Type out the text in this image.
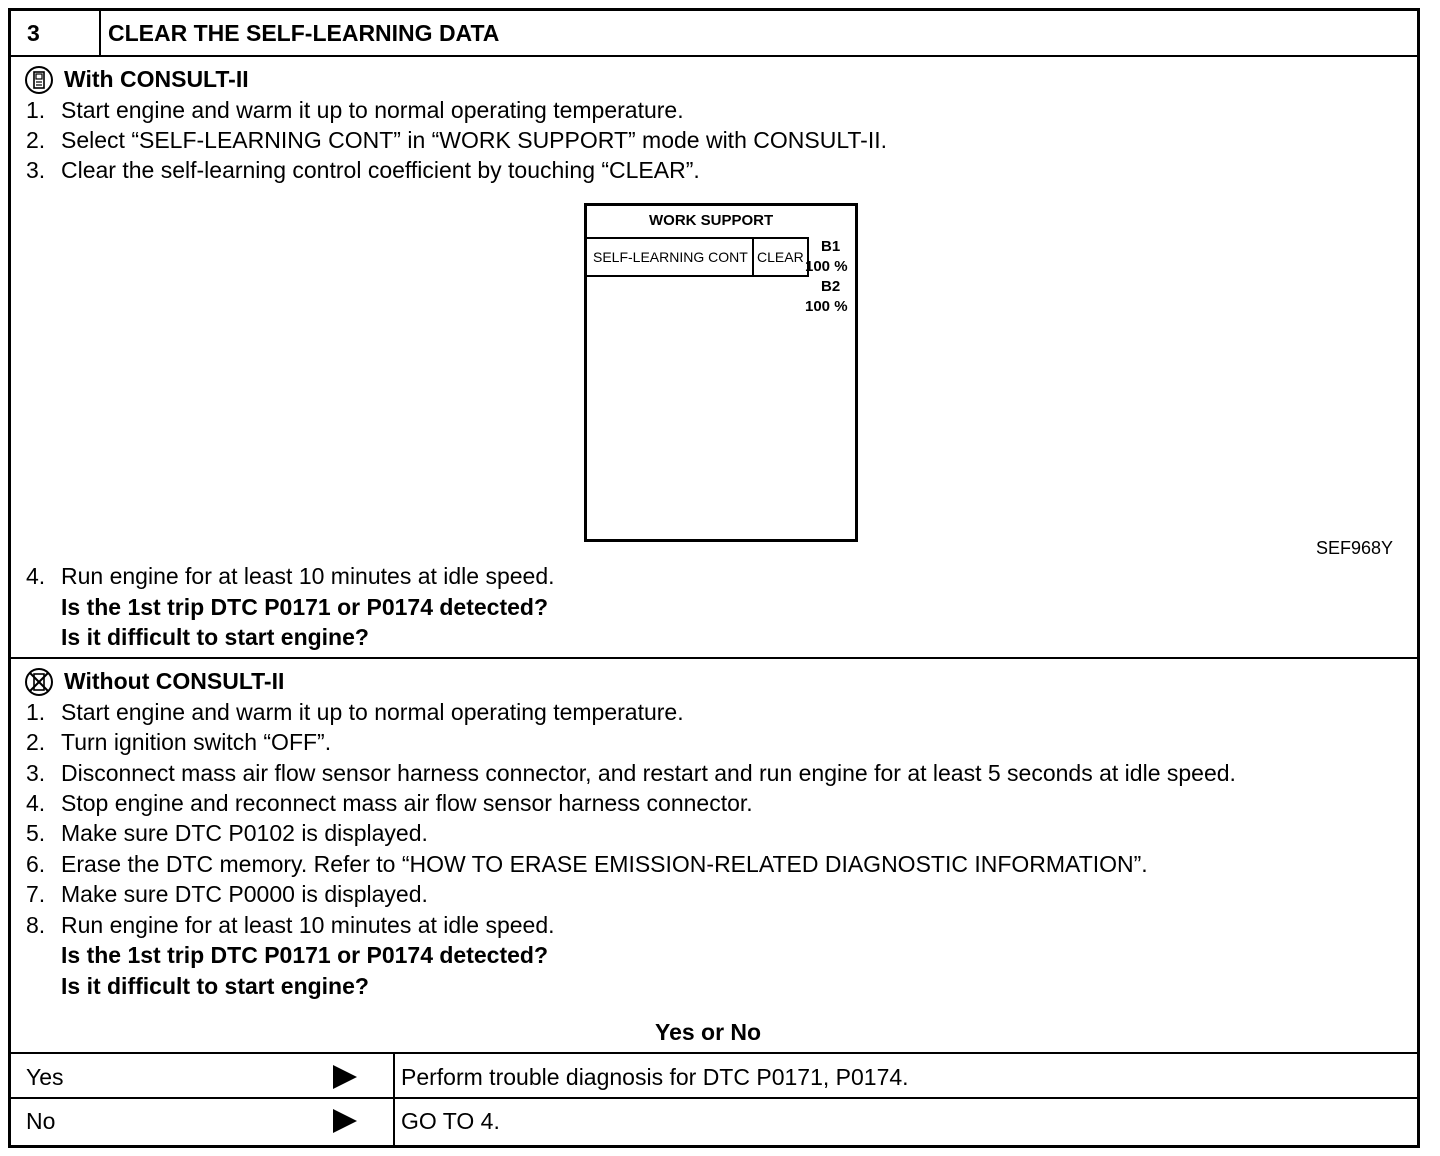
3	CLEAR THE SELF-LEARNING DATA
With CONSULT-II
1. Start engine and warm it up to normal operating temperature.
2. Select “SELF-LEARNING CONT” in “WORK SUPPORT” mode with CONSULT-II.
3. Clear the self-learning control coefficient by touching “CLEAR”.
WORK SUPPORT
SELF-LEARNING CONT CLEAR
B1
100 %
B2
100 %
SEF968Y
4. Run engine for at least 10 minutes at idle speed.
Is the 1st trip DTC P0171 or P0174 detected?
Is it difficult to start engine?
Without CONSULT-II
1. Start engine and warm it up to normal operating temperature.
2. Turn ignition switch “OFF”.
3. Disconnect mass air flow sensor harness connector, and restart and run engine for at least 5 seconds at idle speed.
4. Stop engine and reconnect mass air flow sensor harness connector.
5. Make sure DTC P0102 is displayed.
6. Erase the DTC memory. Refer to “HOW TO ERASE EMISSION-RELATED DIAGNOSTIC INFORMATION”.
7. Make sure DTC P0000 is displayed.
8. Run engine for at least 10 minutes at idle speed.
Is the 1st trip DTC P0171 or P0174 detected?
Is it difficult to start engine?
Yes or No
Yes	Perform trouble diagnosis for DTC P0171, P0174.
No	GO TO 4.
